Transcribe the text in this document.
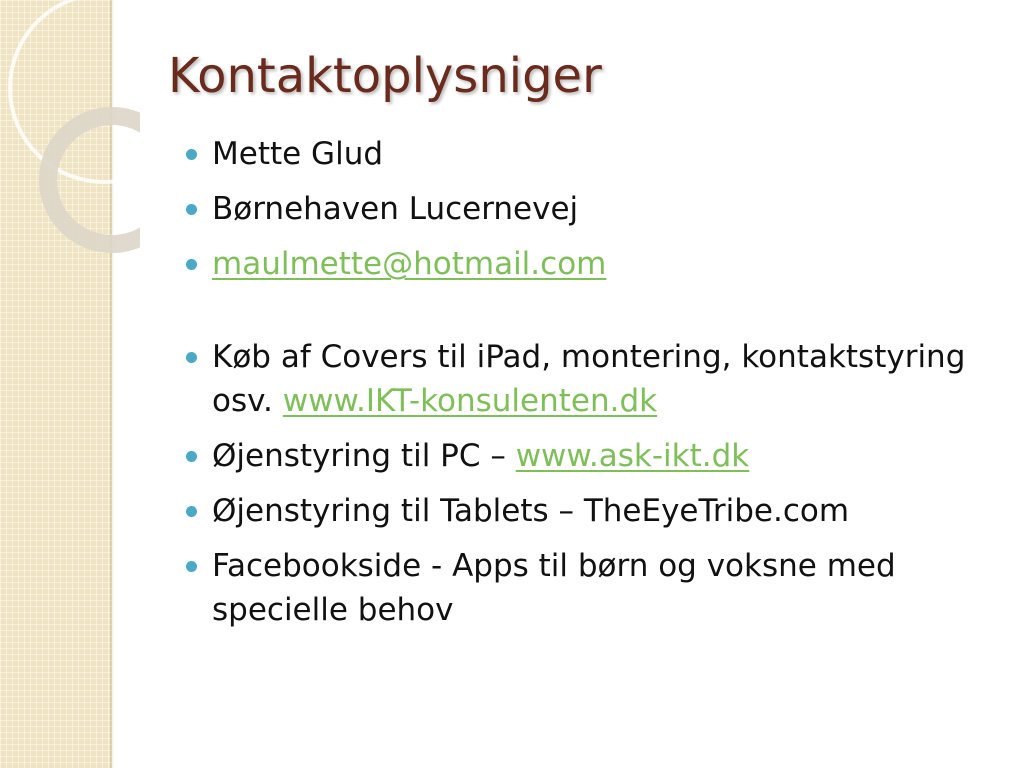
Kontaktoplysniger
Mette Glud
Børnehaven Lucernevej
maulmette@hotmail.com
Køb af Covers til iPad, montering, kontaktstyring osv. www.IKT-konsulenten.dk
Øjenstyring til PC – www.ask-ikt.dk
Øjenstyring til Tablets – TheEyeTribe.com
Facebookside - Apps til børn og voksne med specielle behov
